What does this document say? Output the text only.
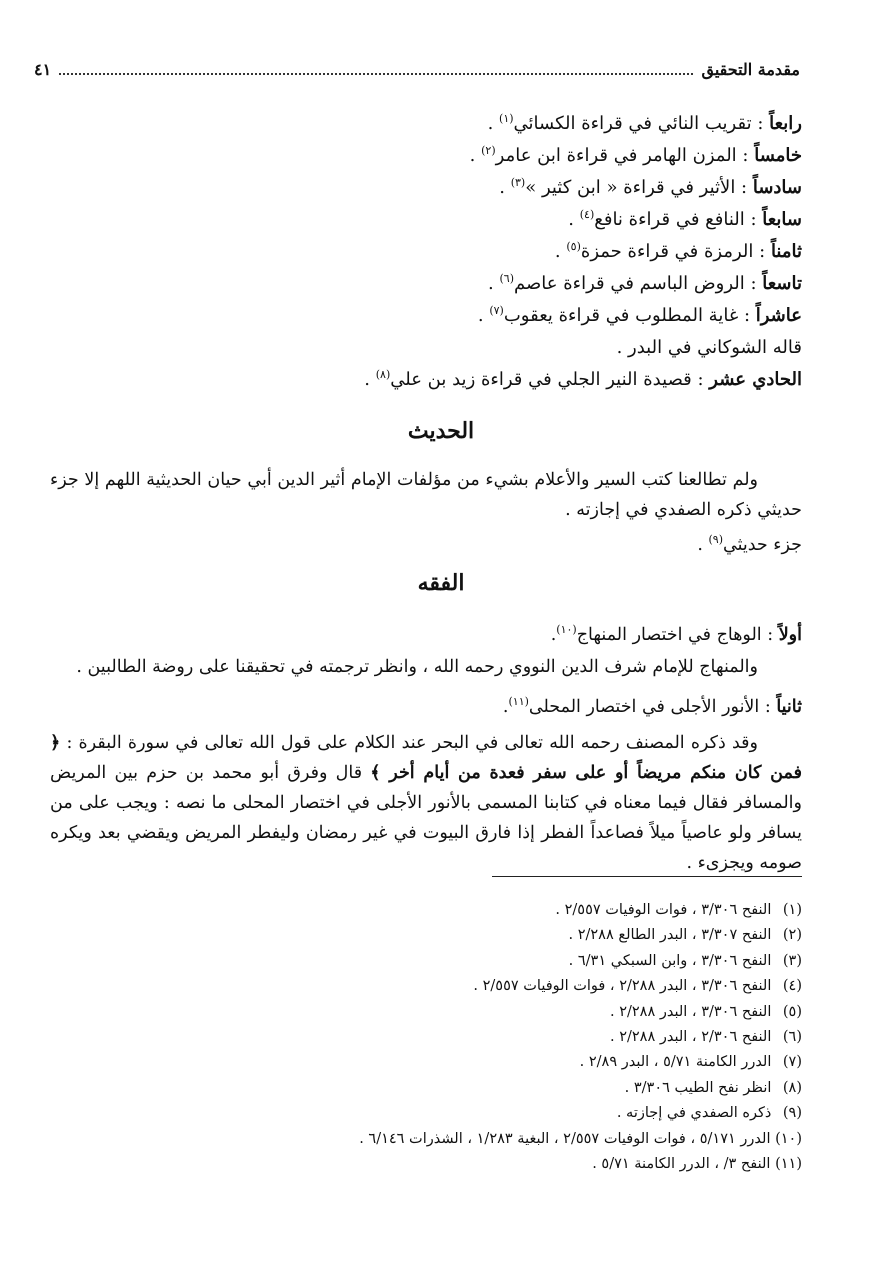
مقدمة التحقيق
٤١
رابعاً : تقريب النائي في قراءة الكسائي$^{(١)}$ .
خامساً : المزن الهامر في قراءة ابن عامر$^{(٢)}$ .
سادساً : الأثير في قراءة « ابن كثير »$^{(٣)}$ .
سابعاً : النافع في قراءة نافع$^{(٤)}$ .
ثامناً : الرمزة في قراءة حمزة$^{(٥)}$ .
تاسعاً : الروض الباسم في قراءة عاصم$^{(٦)}$ .
عاشراً : غاية المطلوب في قراءة يعقوب$^{(٧)}$ .
قاله الشوكاني في البدر .
الحادي عشر : قصيدة النير الجلي في قراءة زيد بن علي$^{(٨)}$ .
الحديث
ولم تطالعنا كتب السير والأعلام بشيء من مؤلفات الإمام أثير الدين أبي حيان الحديثية اللهم إلا جزء حديثي ذكره الصفدي في إجازته .
جزء حديثي$^{(٩)}$ .
الفقه
أولاً : الوهاج في اختصار المنهاج$^{(١٠)}$.
والمنهاج للإمام شرف الدين النووي رحمه الله ، وانظر ترجمته في تحقيقنا على روضة الطالبين .
ثانياً : الأنور الأجلى في اختصار المحلى$^{(١١)}$.
وقد ذكره المصنف رحمه الله تعالى في البحر عند الكلام على قول الله تعالى في سورة البقرة : ﴿ فمن كان منكم مريضاً أو على سفر فعدة من أيام أخر ﴾ قال وفرق أبو محمد بن حزم بين المريض والمسافر فقال فيما معناه في كتابنا المسمى بالأنور الأجلى في اختصار المحلى ما نصه : ويجب على من يسافر ولو عاصياً ميلاً فصاعداً الفطر إذا فارق البيوت في غير رمضان وليفطر المريض ويقضي بعد ويكره صومه ويجزىء .
(١) النفح ٣/٣٠٦ ، فوات الوفيات ٢/٥٥٧ .
(٢) النفح ٣/٣٠٧ ، البدر الطالع ٢/٢٨٨ .
(٣) النفح ٣/٣٠٦ ، وابن السبكي ٦/٣١ .
(٤) النفح ٣/٣٠٦ ، البدر ٢/٢٨٨ ، فوات الوفيات ٢/٥٥٧ .
(٥) النفح ٣/٣٠٦ ، البدر ٢/٢٨٨ .
(٦) النفح ٢/٣٠٦ ، البدر ٢/٢٨٨ .
(٧) الدرر الكامنة ٥/٧١ ، البدر ٢/٨٩ .
(٨) انظر نفح الطيب ٣/٣٠٦ .
(٩) ذكره الصفدي في إجازته .
(١٠) الدرر ٥/١٧١ ، فوات الوفيات ٢/٥٥٧ ، البغية ١/٢٨٣ ، الشذرات ٦/١٤٦ .
(١١) النفح ٣/ ، الدرر الكامنة ٥/٧١ .
